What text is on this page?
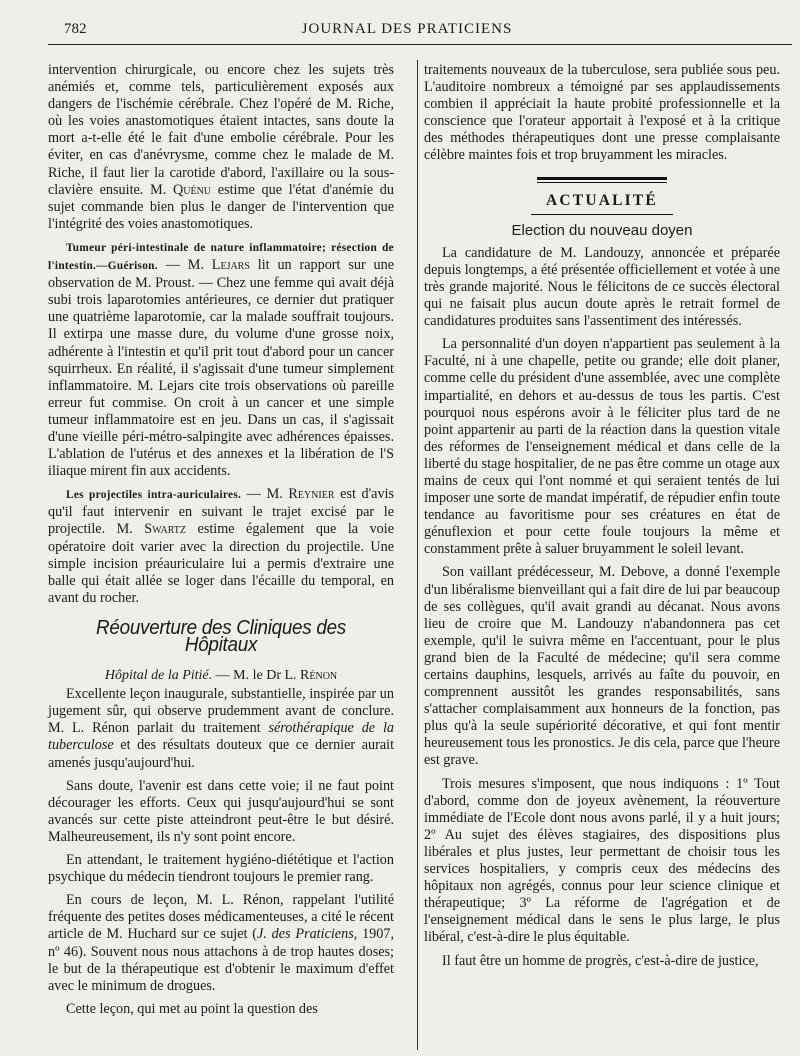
782	JOURNAL DES PRATICIENS

intervention chirurgicale, ou encore chez les sujets très anémiés et, comme tels, particulièrement exposés aux dangers de l'ischémie cérébrale. Chez l'opéré de M. Riche, où les voies anastomotiques étaient intactes, sans doute la mort a-t-elle été le fait d'une embolie cérébrale. Pour les éviter, en cas d'anévrysme, comme chez le malade de M. Riche, il faut lier la carotide d'abord, l'axillaire ou la sous-clavière ensuite. M. Quénu estime que l'état d'anémie du sujet commande bien plus le danger de l'intervention que l'intégrité des voies anastomotiques.

Tumeur péri-intestinale de nature inflammatoire; résection de l'intestin.—Guérison. — M. Lejars lit un rapport sur une observation de M. Proust. — Chez une femme qui avait déjà subi trois laparotomies antérieures, ce dernier dut pratiquer une quatrième laparotomie, car la malade souffrait toujours. Il extirpa une masse dure, du volume d'une grosse noix, adhérente à l'intestin et qu'il prit tout d'abord pour un cancer squirrheux. En réalité, il s'agissait d'une tumeur simplement inflammatoire. M. Lejars cite trois observations où pareille erreur fut commise. On croit à un cancer et une simple tumeur inflammatoire est en jeu. Dans un cas, il s'agissait d'une vieille péri-métro-salpingite avec adhérences épaisses. L'ablation de l'utérus et des annexes et la libération de l'S iliaque mirent fin aux accidents.

Les projectiles intra-auriculaires. — M. Reynier est d'avis qu'il faut intervenir en suivant le trajet excisé par le projectile. M. Swartz estime également que la voie opératoire doit varier avec la direction du projectile. Une simple incision préauriculaire lui a permis d'extraire une balle qui était allée se loger dans l'écaille du temporal, en avant du rocher.

Réouverture des Cliniques des Hôpitaux
Hôpital de la Pitié. — M. le Dr L. Rénon

Excellente leçon inaugurale, substantielle, inspirée par un jugement sûr, qui observe prudemment avant de conclure. M. L. Rénon parlait du traitement sérothérapique de la tuberculose et des résultats douteux que ce dernier aurait amenés jusqu'aujourd'hui.

Sans doute, l'avenir est dans cette voie; il ne faut point décourager les efforts. Ceux qui jusqu'aujourd'hui se sont avancés sur cette piste atteindront peut-être le but désiré. Malheureusement, ils n'y sont point encore.

En attendant, le traitement hygiéno-diététique et l'action psychique du médecin tiendront toujours le premier rang.

En cours de leçon, M. L. Rénon, rappelant l'utilité fréquente des petites doses médicamenteuses, a cité le récent article de M. Huchard sur ce sujet (J. des Praticiens, 1907, nº 46). Souvent nous nous attachons à de trop hautes doses; le but de la thérapeutique est d'obtenir le maximum d'effet avec le minimum de drogues.

Cette leçon, qui met au point la question des

traitements nouveaux de la tuberculose, sera publiée sous peu. L'auditoire nombreux a témoigné par ses applaudissements combien il appréciait la haute probité professionnelle et la conscience que l'orateur apportait à l'exposé et à la critique des méthodes thérapeutiques dont une presse complaisante célèbre maintes fois et trop bruyamment les miracles.

ACTUALITÉ
Election du nouveau doyen

La candidature de M. Landouzy, annoncée et préparée depuis longtemps, a été présentée officiellement et votée à une très grande majorité. Nous le félicitons de ce succès électoral qui ne faisait plus aucun doute après le retrait formel de candidatures produites sans l'assentiment des intéressés.

La personnalité d'un doyen n'appartient pas seulement à la Faculté, ni à une chapelle, petite ou grande; elle doit planer, comme celle du président d'une assemblée, avec une complète impartialité, en dehors et au-dessus de tous les partis. C'est pourquoi nous espérons avoir à le féliciter plus tard de ne point appartenir au parti de la réaction dans la question vitale des réformes de l'enseignement médical et dans celle de la liberté du stage hospitalier, de ne pas être comme un otage aux mains de ceux qui l'ont nommé et qui seraient tentés de lui imposer une sorte de mandat impératif, de répudier enfin toute tendance au favoritisme pour ses créatures en état de génuflexion et pour cette foule toujours la même et constamment prête à saluer bruyamment le soleil levant.

Son vaillant prédécesseur, M. Debove, a donné l'exemple d'un libéralisme bienveillant qui a fait dire de lui par beaucoup de ses collègues, qu'il avait grandi au décanat. Nous avons lieu de croire que M. Landouzy n'abandonnera pas cet exemple, qu'il le suivra même en l'accentuant, pour le plus grand bien de la Faculté de médecine; qu'il sera comme certains dauphins, lesquels, arrivés au faîte du pouvoir, en comprennent aussitôt les grandes responsabilités, sans s'attacher complaisamment aux honneurs de la fonction, pas plus qu'à la seule supériorité décorative, et qui font mentir heureusement tous les pronostics. Je dis cela, parce que l'heure est grave.

Trois mesures s'imposent, que nous indiquons : 1º Tout d'abord, comme don de joyeux avènement, la réouverture immédiate de l'Ecole dont nous avons parlé, il y a huit jours; 2º Au sujet des élèves stagiaires, des dispositions plus libérales et plus justes, leur permettant de choisir tous les services hospitaliers, y compris ceux des médecins des hôpitaux non agrégés, connus pour leur science clinique et thérapeutique; 3º La réforme de l'agrégation et de l'enseignement médical dans le sens le plus large, le plus libéral, c'est-à-dire le plus équitable.

Il faut être un homme de progrès, c'est-à-dire de justice,
